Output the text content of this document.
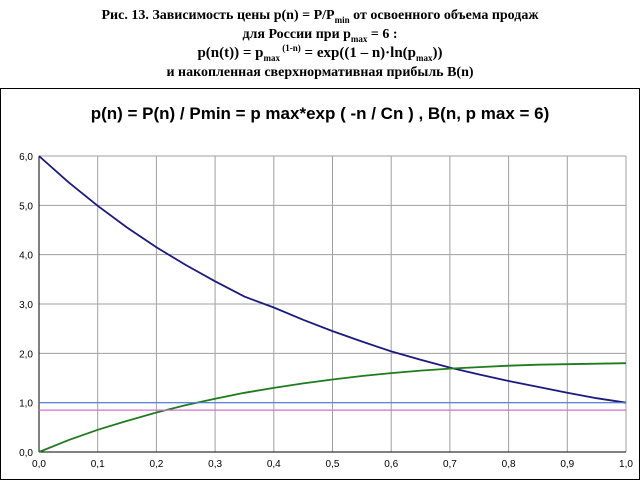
Рис. 13. Зависимость цены $p(n) = P/P_{min}$ от освоенного объема продаж
для России при $p_{max} = 6$ :
$p(n(t)) = p_{max}$ $^{(1-n)} = \exp((1 - n)\cdot\ln(p_{max}))$
и накопленная сверхнормативная прибыль B(n)
p(n) = P(n) / Pmin = p max*exp ( -n / Cn ) , B(n, p max = 6)
0,0	0,1	0,2	0,3	0,4	0,5	0,6	0,7	0,8	0,9	1,0
0,0
1,0
2,0
3,0
4,0
5,0
6,0
